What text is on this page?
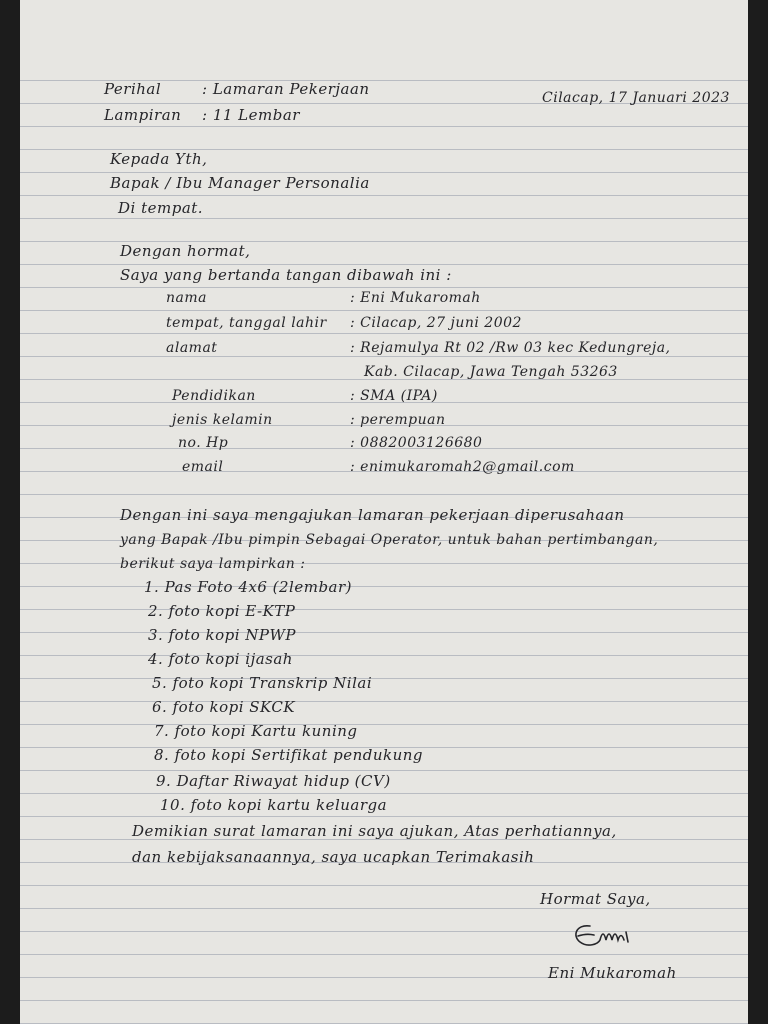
Perihal	: Lamaran Pekerjaan
Lampiran : 11 Lembar
Cilacap, 17 Januari 2023
Kepada Yth,
Bapak / Ibu Manager Personalia
Di tempat.
Dengan hormat,
Saya yang bertanda tangan dibawah ini :
nama	: Eni Mukaromah
tempat, tanggal lahir : Cilacap, 27 juni 2002
alamat	: Rejamulya Rt 02 /Rw 03 kec Kedungreja,
Kab. Cilacap, Jawa Tengah 53263
Pendidikan	: SMA (IPA)
jenis kelamin	: perempuan
no. Hp	: 0882003126680
email	: enimukaromah2@gmail.com
Dengan ini saya mengajukan lamaran pekerjaan diperusahaan
yang Bapak /Ibu pimpin Sebagai Operator, untuk bahan pertimbangan,
berikut saya lampirkan :
1. Pas Foto 4x6 (2lembar)
2. foto kopi E-KTP
3. foto kopi NPWP
4. foto kopi ijasah
5. foto kopi Transkrip Nilai
6. foto kopi SKCK
7. foto kopi Kartu kuning
8. foto kopi Sertifikat pendukung
9. Daftar Riwayat hidup (CV)
10. foto kopi kartu keluarga
Demikian surat lamaran ini saya ajukan, Atas perhatiannya,
dan kebijaksanaannya, saya ucapkan Terimakasih
Hormat Saya,
Eni Mukaromah
